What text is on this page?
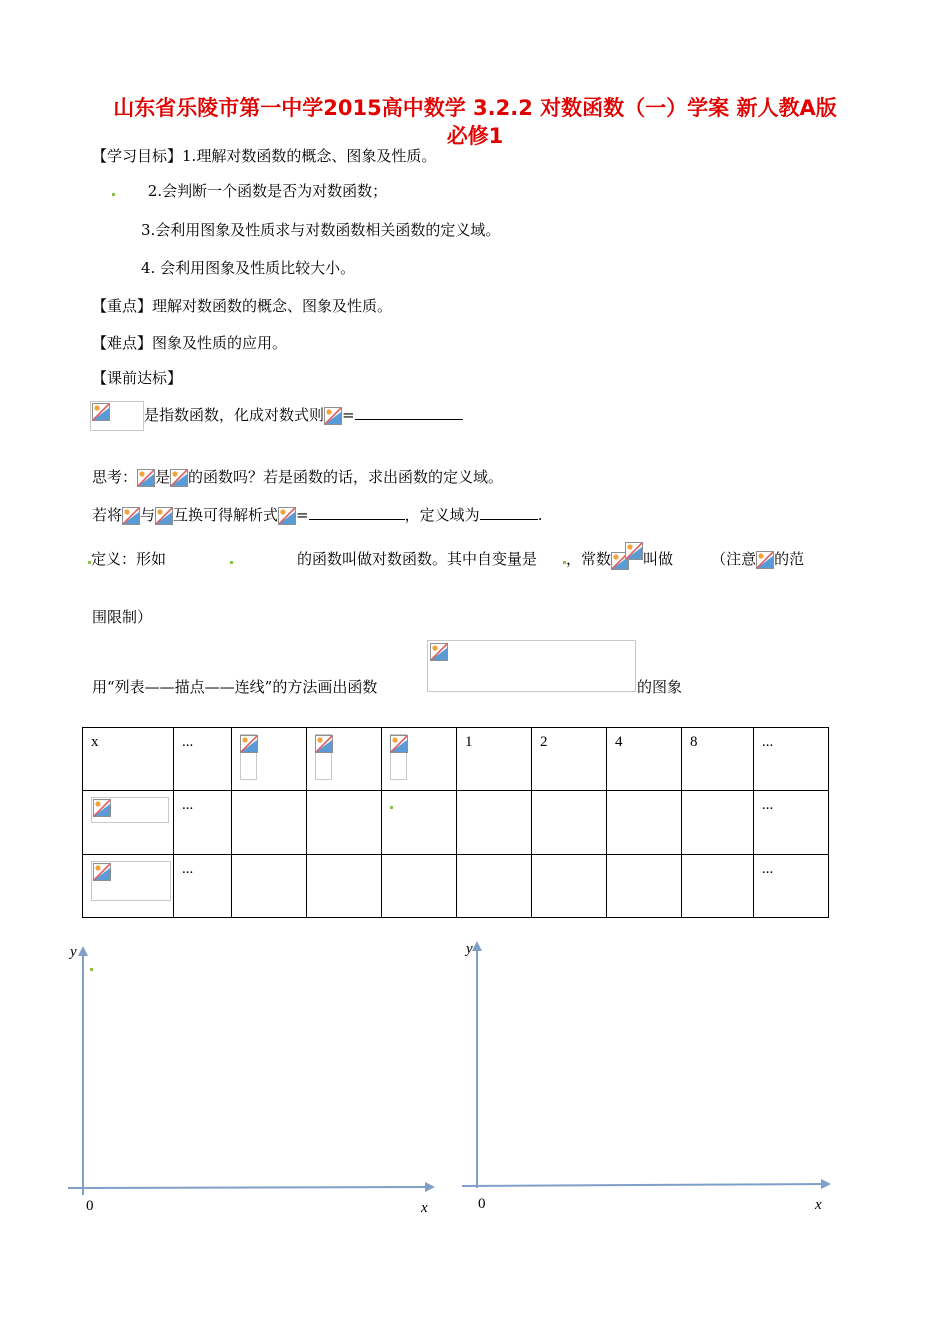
山东省乐陵市第一中学2015高中数学 3.2.2 对数函数（一）学案 新人教A版
必修1
【学习目标】1.理解对数函数的概念、图象及性质。
2.会判断一个函数是否为对数函数；
3.会利用图象及性质求与对数函数相关函数的定义域。
4. 会利用图象及性质比较大小。
【重点】理解对数函数的概念、图象及性质。
【难点】图象及性质的应用。
【课前达标】
是指数函数，化成对数式则 =
思考： 是 的函数吗？若是函数的话，求出函数的定义域。
若将 与 互换可得解析式 =	，定义域为	.
定义：形如	的函数叫做对数函数。其中自变量是 ，常数 叫做	（注意 的范
围限制）
用“列表——描点——连线”的方法画出函数	的图象
x	...				1	2	4	8	...

	...								...

	...								...
y
0	x
y
0	x
